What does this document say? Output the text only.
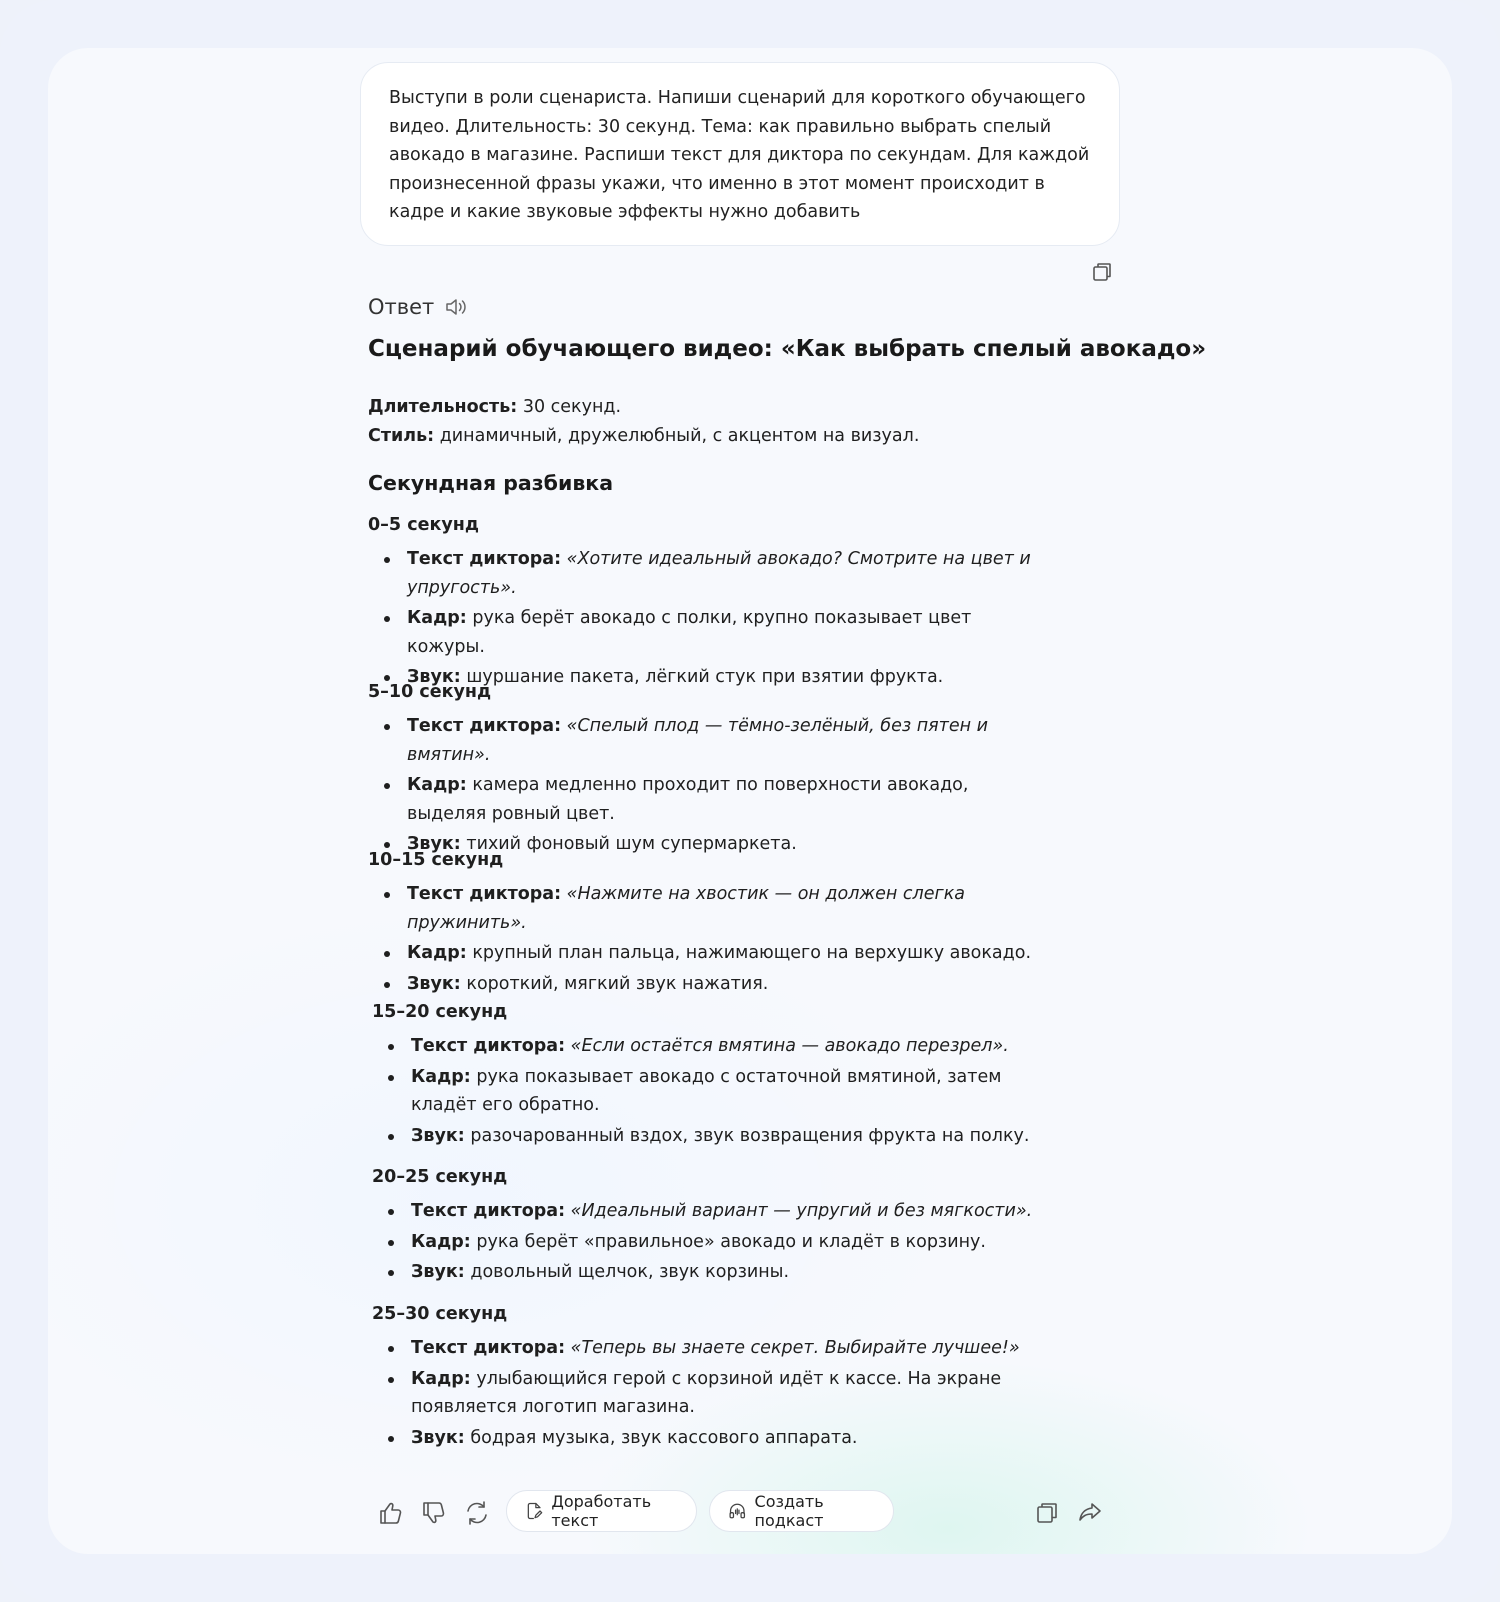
Выступи в роли сценариста. Напиши сценарий для короткого обучающего видео. Длительность: 30 секунд. Тема: как правильно выбрать спелый авокадо в магазине. Распиши текст для диктора по секундам. Для каждой произнесенной фразы укажи, что именно в этот момент происходит в кадре и какие звуковые эффекты нужно добавить
Ответ
Сценарий обучающего видео: «Как выбрать спелый авокадо»
Длительность: 30 секунд.
Стиль: динамичный, дружелюбный, с акцентом на визуал.
Секундная разбивка
0–5 секунд
Текст диктора: «Хотите идеальный авокадо? Смотрите на цвет и упругость».
Кадр: рука берёт авокадо с полки, крупно показывает цвет кожуры.
Звук: шуршание пакета, лёгкий стук при взятии фрукта.
5–10 секунд
Текст диктора: «Спелый плод — тёмно-зелёный, без пятен и вмятин».
Кадр: камера медленно проходит по поверхности авокадо, выделяя ровный цвет.
Звук: тихий фоновый шум супермаркета.
10–15 секунд
Текст диктора: «Нажмите на хвостик — он должен слегка пружинить».
Кадр: крупный план пальца, нажимающего на верхушку авокадо.
Звук: короткий, мягкий звук нажатия.
15–20 секунд
Текст диктора: «Если остаётся вмятина — авокадо перезрел».
Кадр: рука показывает авокадо с остаточной вмятиной, затем кладёт его обратно.
Звук: разочарованный вздох, звук возвращения фрукта на полку.
20–25 секунд
Текст диктора: «Идеальный вариант — упругий и без мягкости».
Кадр: рука берёт «правильное» авокадо и кладёт в корзину.
Звук: довольный щелчок, звук корзины.
25–30 секунд
Текст диктора: «Теперь вы знаете секрет. Выбирайте лучшее!»
Кадр: улыбающийся герой с корзиной идёт к кассе. На экране появляется логотип магазина.
Звук: бодрая музыка, звук кассового аппарата.
Доработать текст
Создать подкаст
